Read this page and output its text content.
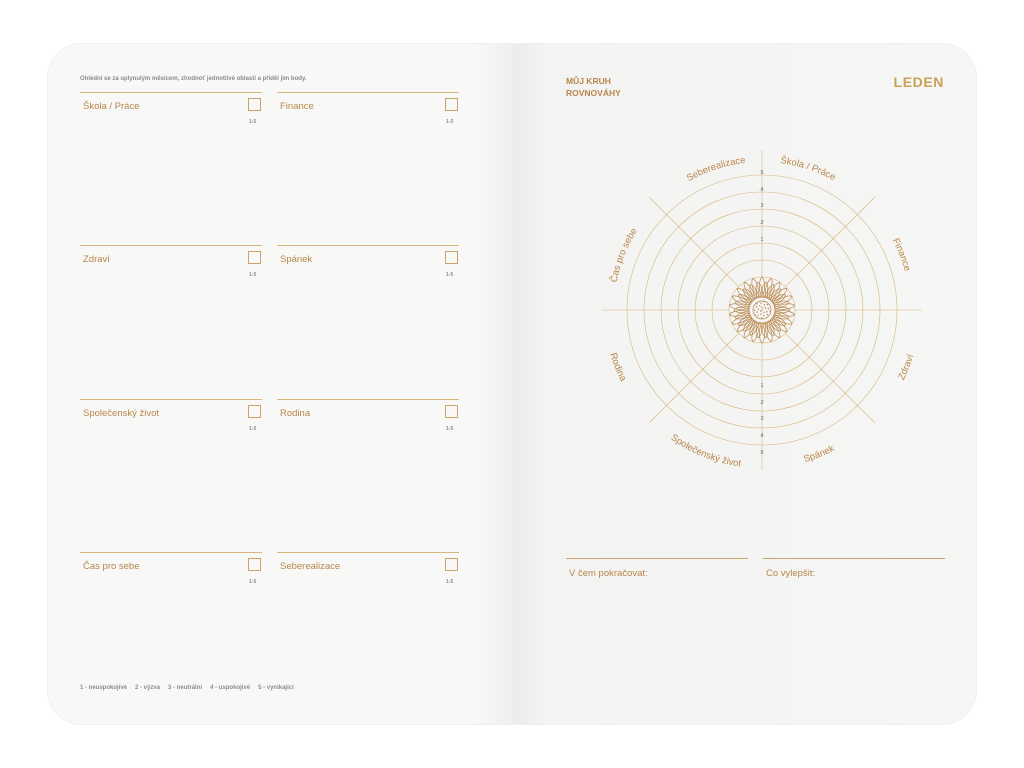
Ohlédni se za uplynulým měsícem, zhodnoť jednotlivé oblasti a přiděl jim body.
Škola / Práce
1-5
Finance
1-5
Zdraví
1-5
Spánek
1-5
Společenský život
1-5
Rodina
1-5
Čas pro sebe
1-5
Seberealizace
1-5
1 - neuspokojivé 2 - výzva 3 - neutrální 4 - uspokojivé 5 - vynikající
MŮJ KRUH
ROVNOVÁHY
LEDEN
5
4
3
2
1
1
2
3
4
5
Seberealizace	Škola / Práce
Finance
Čas pro sebe
Zdraví
Spánek
Společenský život
Rodina
V čem pokračovat:	Co vylepšit:
